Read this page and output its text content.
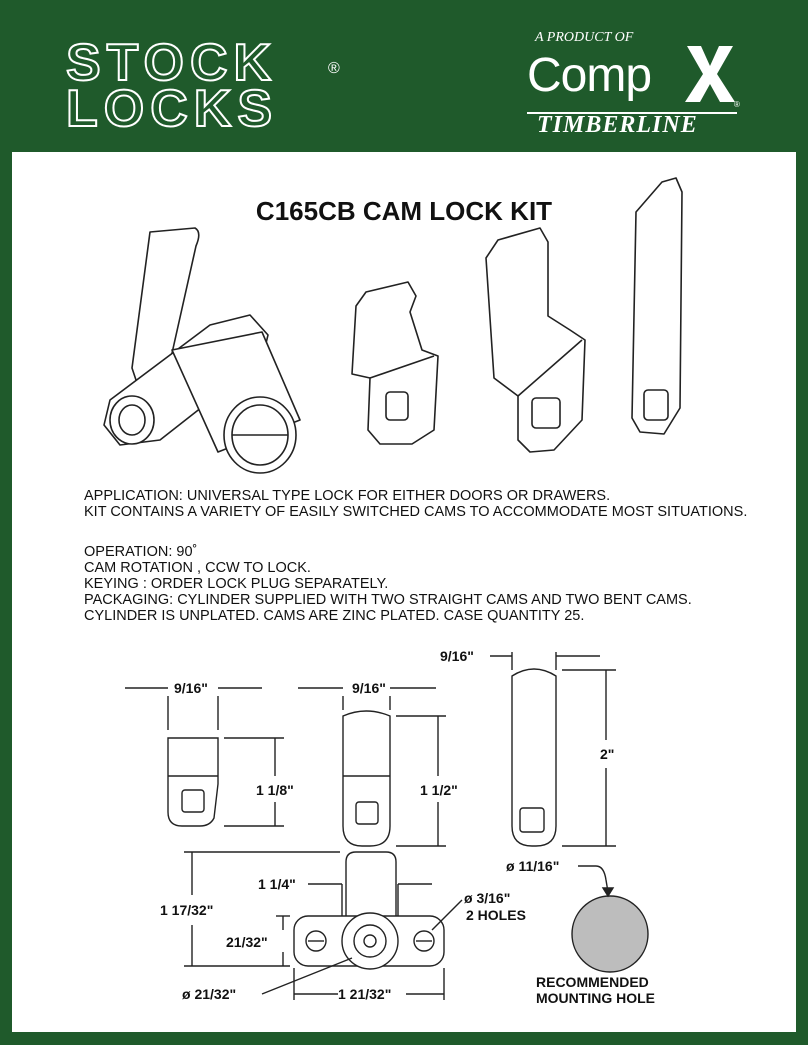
STOCK
LOCKS
®
A PRODUCT OF
Comp
®
TIMBERLINE
C165CB CAM LOCK KIT
APPLICATION: UNIVERSAL TYPE LOCK FOR EITHER DOORS OR DRAWERS.
KIT CONTAINS A VARIETY OF EASILY SWITCHED CAMS TO ACCOMMODATE MOST SITUATIONS.
OPERATION: 90˚
CAM ROTATION , CCW TO LOCK.
KEYING : ORDER LOCK PLUG SEPARATELY.
PACKAGING: CYLINDER SUPPLIED WITH TWO STRAIGHT CAMS AND TWO BENT CAMS.
CYLINDER IS UNPLATED. CAMS ARE ZINC PLATED. CASE QUANTITY 25.
9/16"
1 1/8"
9/16"
1 1/2"
9/16"
2"
1 17/32"
1 1/4"
21/32"
ø 3/16"
2 HOLES
ø 21/32"	1 21/32"
ø 11/16"
RECOMMENDED
MOUNTING HOLE
